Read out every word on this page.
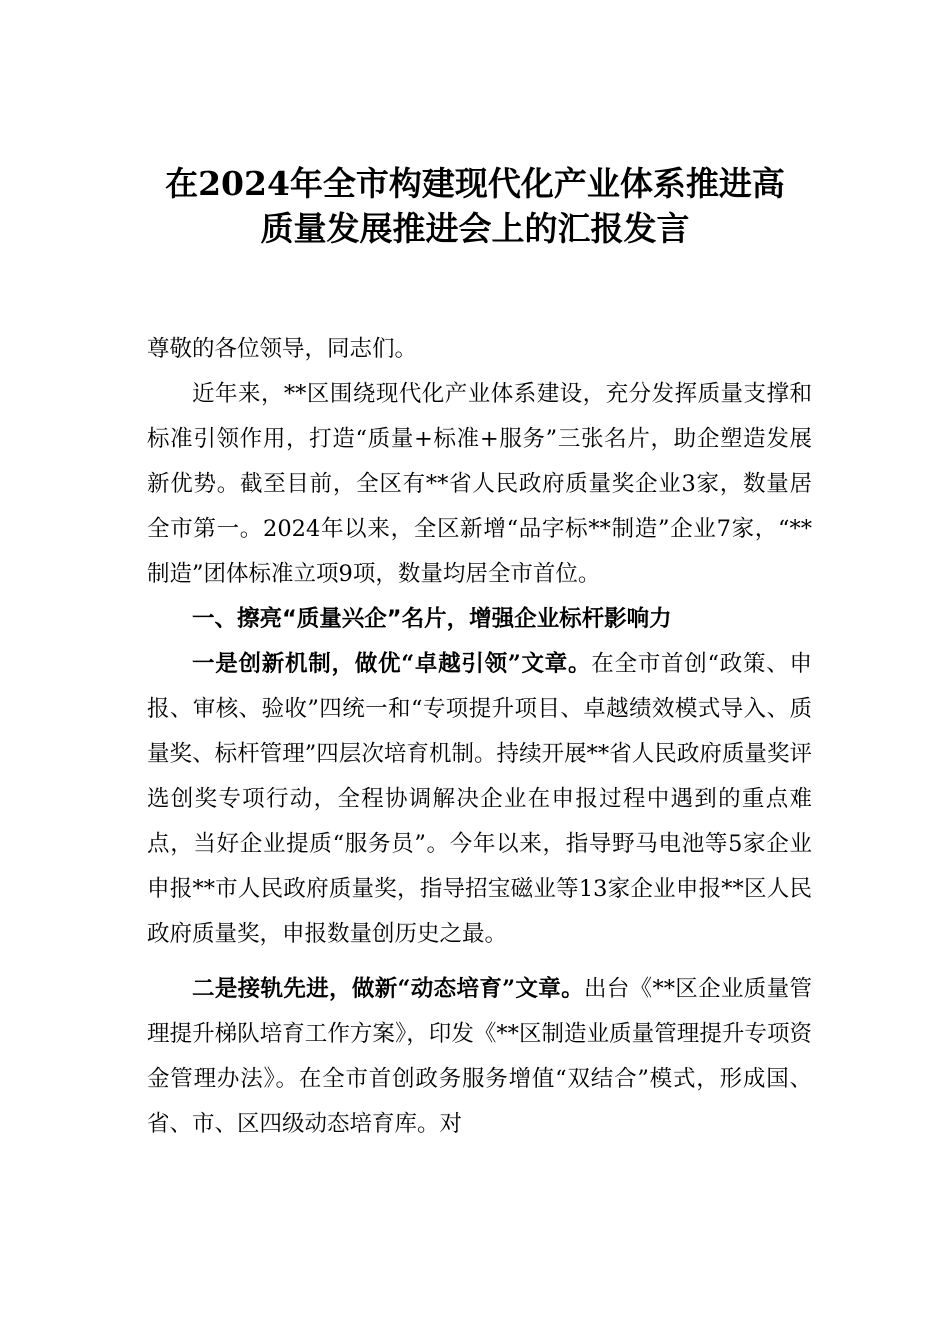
在2024年全市构建现代化产业体系推进高
质量发展推进会上的汇报发言

尊敬的各位领导，同志们。

近年来，**区围绕现代化产业体系建设，充分发挥质量支撑和标准引领作用，打造“质量+标准+服务”三张名片，助企塑造发展新优势。截至目前，全区有**省人民政府质量奖企业3家，数量居全市第一。2024年以来，全区新增“品字标**制造”企业7家，“**制造”团体标准立项9项，数量均居全市首位。

一、擦亮“质量兴企”名片，增强企业标杆影响力

一是创新机制，做优“卓越引领”文章。在全市首创“政策、申报、审核、验收”四统一和“专项提升项目、卓越绩效模式导入、质量奖、标杆管理”四层次培育机制。持续开展**省人民政府质量奖评选创奖专项行动，全程协调解决企业在申报过程中遇到的重点难点，当好企业提质“服务员”。今年以来，指导野马电池等5家企业申报**市人民政府质量奖，指导招宝磁业等13家企业申报**区人民政府质量奖，申报数量创历史之最。

二是接轨先进，做新“动态培育”文章。出台《**区企业质量管理提升梯队培育工作方案》，印发《**区制造业质量管理提升专项资金管理办法》。在全市首创政务服务增值“双结合”模式，形成国、省、市、区四级动态培育库。对
